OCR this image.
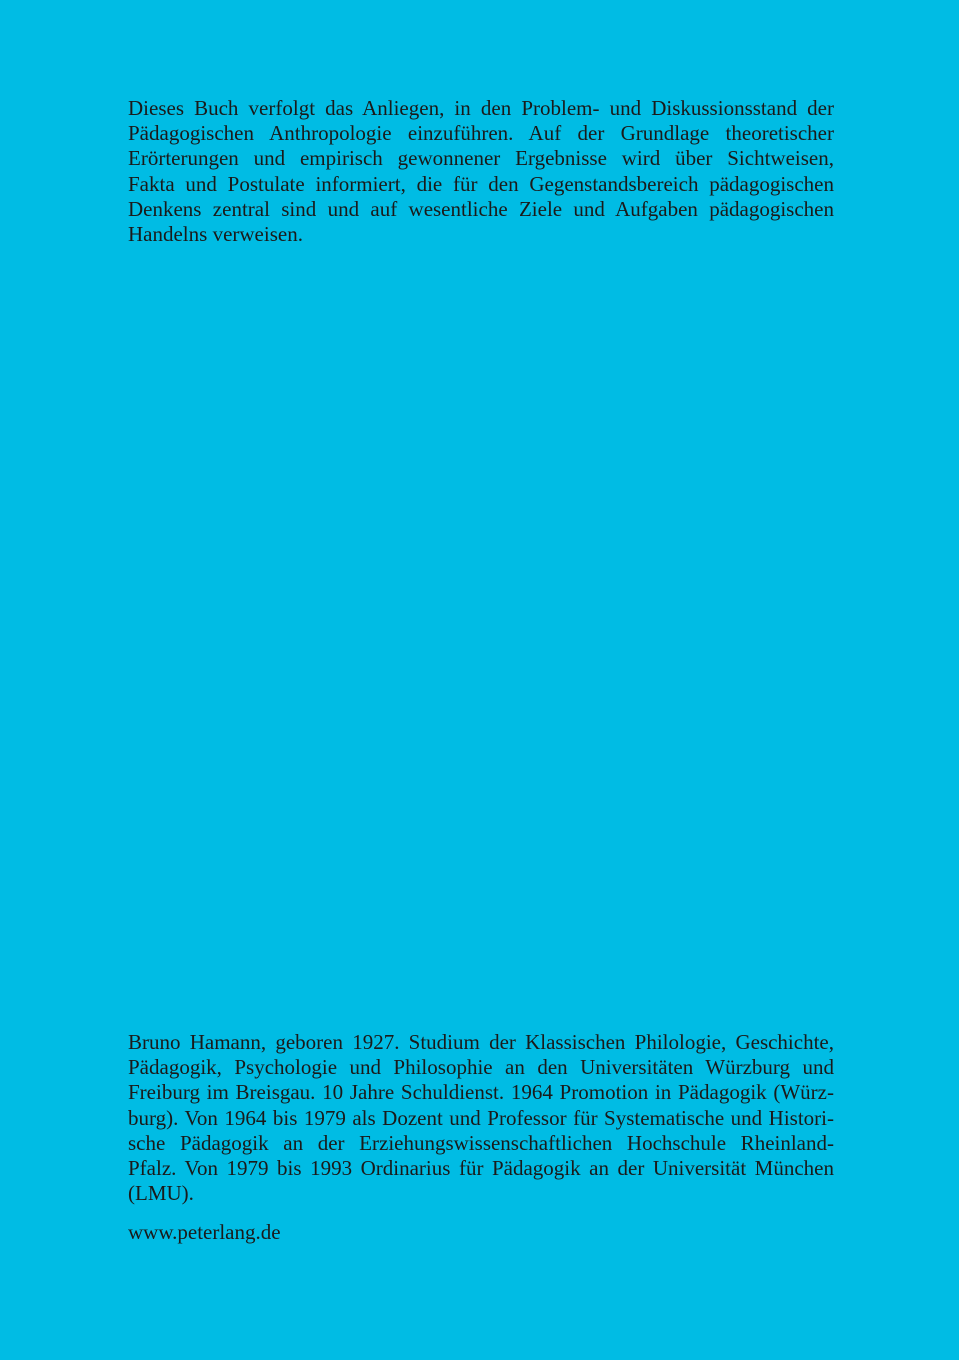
Dieses Buch verfolgt das Anliegen, in den Problem- und Diskussionsstand der
Pädagogischen Anthropologie einzuführen. Auf der Grundlage theoretischer
Erörterungen und empirisch gewonnener Ergebnisse wird über Sichtweisen,
Fakta und Postulate informiert, die für den Gegenstandsbereich pädagogischen
Denkens zentral sind und auf wesentliche Ziele und Aufgaben pädagogischen
Handelns verweisen.

Bruno Hamann, geboren 1927. Studium der Klassischen Philologie, Geschichte,
Pädagogik, Psychologie und Philosophie an den Universitäten Würzburg und
Freiburg im Breisgau. 10 Jahre Schuldienst. 1964 Promotion in Pädagogik (Würz-
burg). Von 1964 bis 1979 als Dozent und Professor für Systematische und Histori-
sche Pädagogik an der Erziehungswissenschaftlichen Hochschule Rheinland-
Pfalz. Von 1979 bis 1993 Ordinarius für Pädagogik an der Universität München
(LMU).

www.peterlang.de
